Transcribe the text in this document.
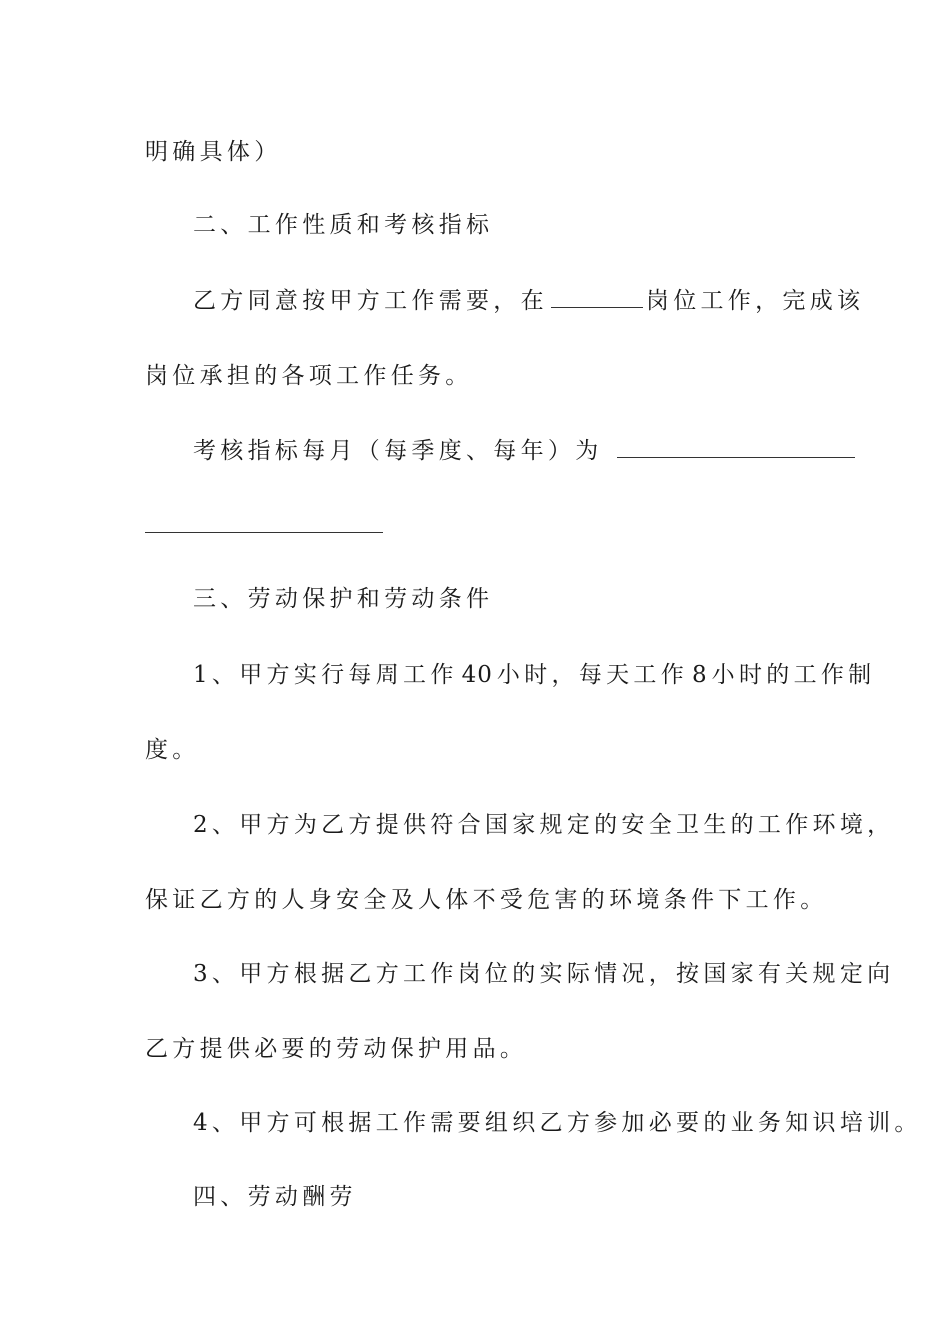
明确具体）
二、工作性质和考核指标
乙方同意按甲方工作需要，在	岗位工作，完成该
岗位承担的各项工作任务。
考核指标每月（每季度、每年）为
三、劳动保护和劳动条件
1、甲方实行每周工作 40 小时，每天工作 8 小时的工作制
度。
2、甲方为乙方提供符合国家规定的安全卫生的工作环境，
保证乙方的人身安全及人体不受危害的环境条件下工作。
3、甲方根据乙方工作岗位的实际情况，按国家有关规定向
乙方提供必要的劳动保护用品。
4、甲方可根据工作需要组织乙方参加必要的业务知识培训。
四、劳动酬劳
